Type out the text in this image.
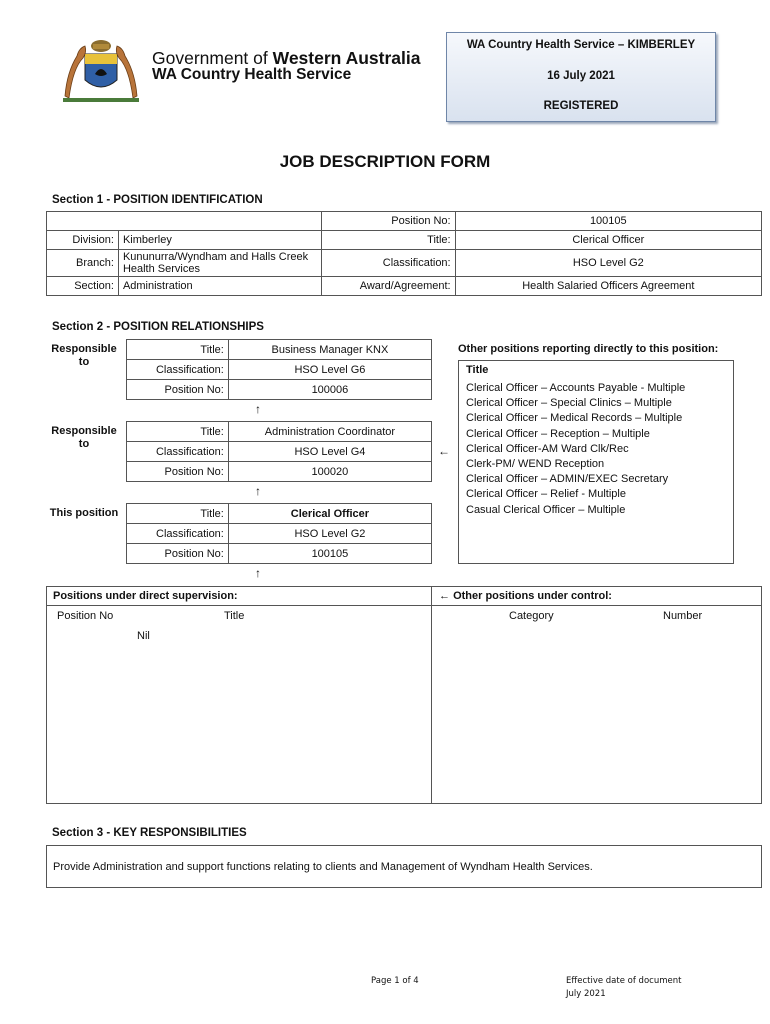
Government of Western Australia
WA Country Health Service
WA Country Health Service – KIMBERLEY
16 July 2021
REGISTERED
JOB DESCRIPTION FORM
Section 1 - POSITION IDENTIFICATION
		Position No:	100105
Division:	Kimberley	Title:	Clerical Officer
Branch:	Kununurra/Wyndham and Halls Creek Health Services	Classification:	HSO Level G2
Section:	Administration	Award/Agreement:	Health Salaried Officers Agreement
Section 2 - POSITION RELATIONSHIPS
Responsible to
Title:	Business Manager KNX
Classification:	HSO Level G6
Position No:	100006
↑
Responsible to
Title:	Administration Coordinator
Classification:	HSO Level G4
Position No:	100020
←
↑
This position	Title:	Clerical Officer
Classification:	HSO Level G2
Position No:	100105
↑
Other positions reporting directly to this position:
Title
Clerical Officer – Accounts Payable - Multiple
Clerical Officer – Special Clinics – Multiple
Clerical Officer – Medical Records – Multiple
Clerical Officer – Reception – Multiple
Clerical Officer-AM Ward Clk/Rec
Clerk-PM/ WEND Reception
Clerical Officer – ADMIN/EXEC Secretary
Clerical Officer – Relief - Multiple
Casual Clerical Officer – Multiple
Positions under direct supervision:	← Other positions under control:
Position No	Title
Nil
Category	Number
Section 3 - KEY RESPONSIBILITIES
Provide Administration and support functions relating to clients and Management of Wyndham Health Services.
Page 1 of 4	Effective date of document
July 2021
